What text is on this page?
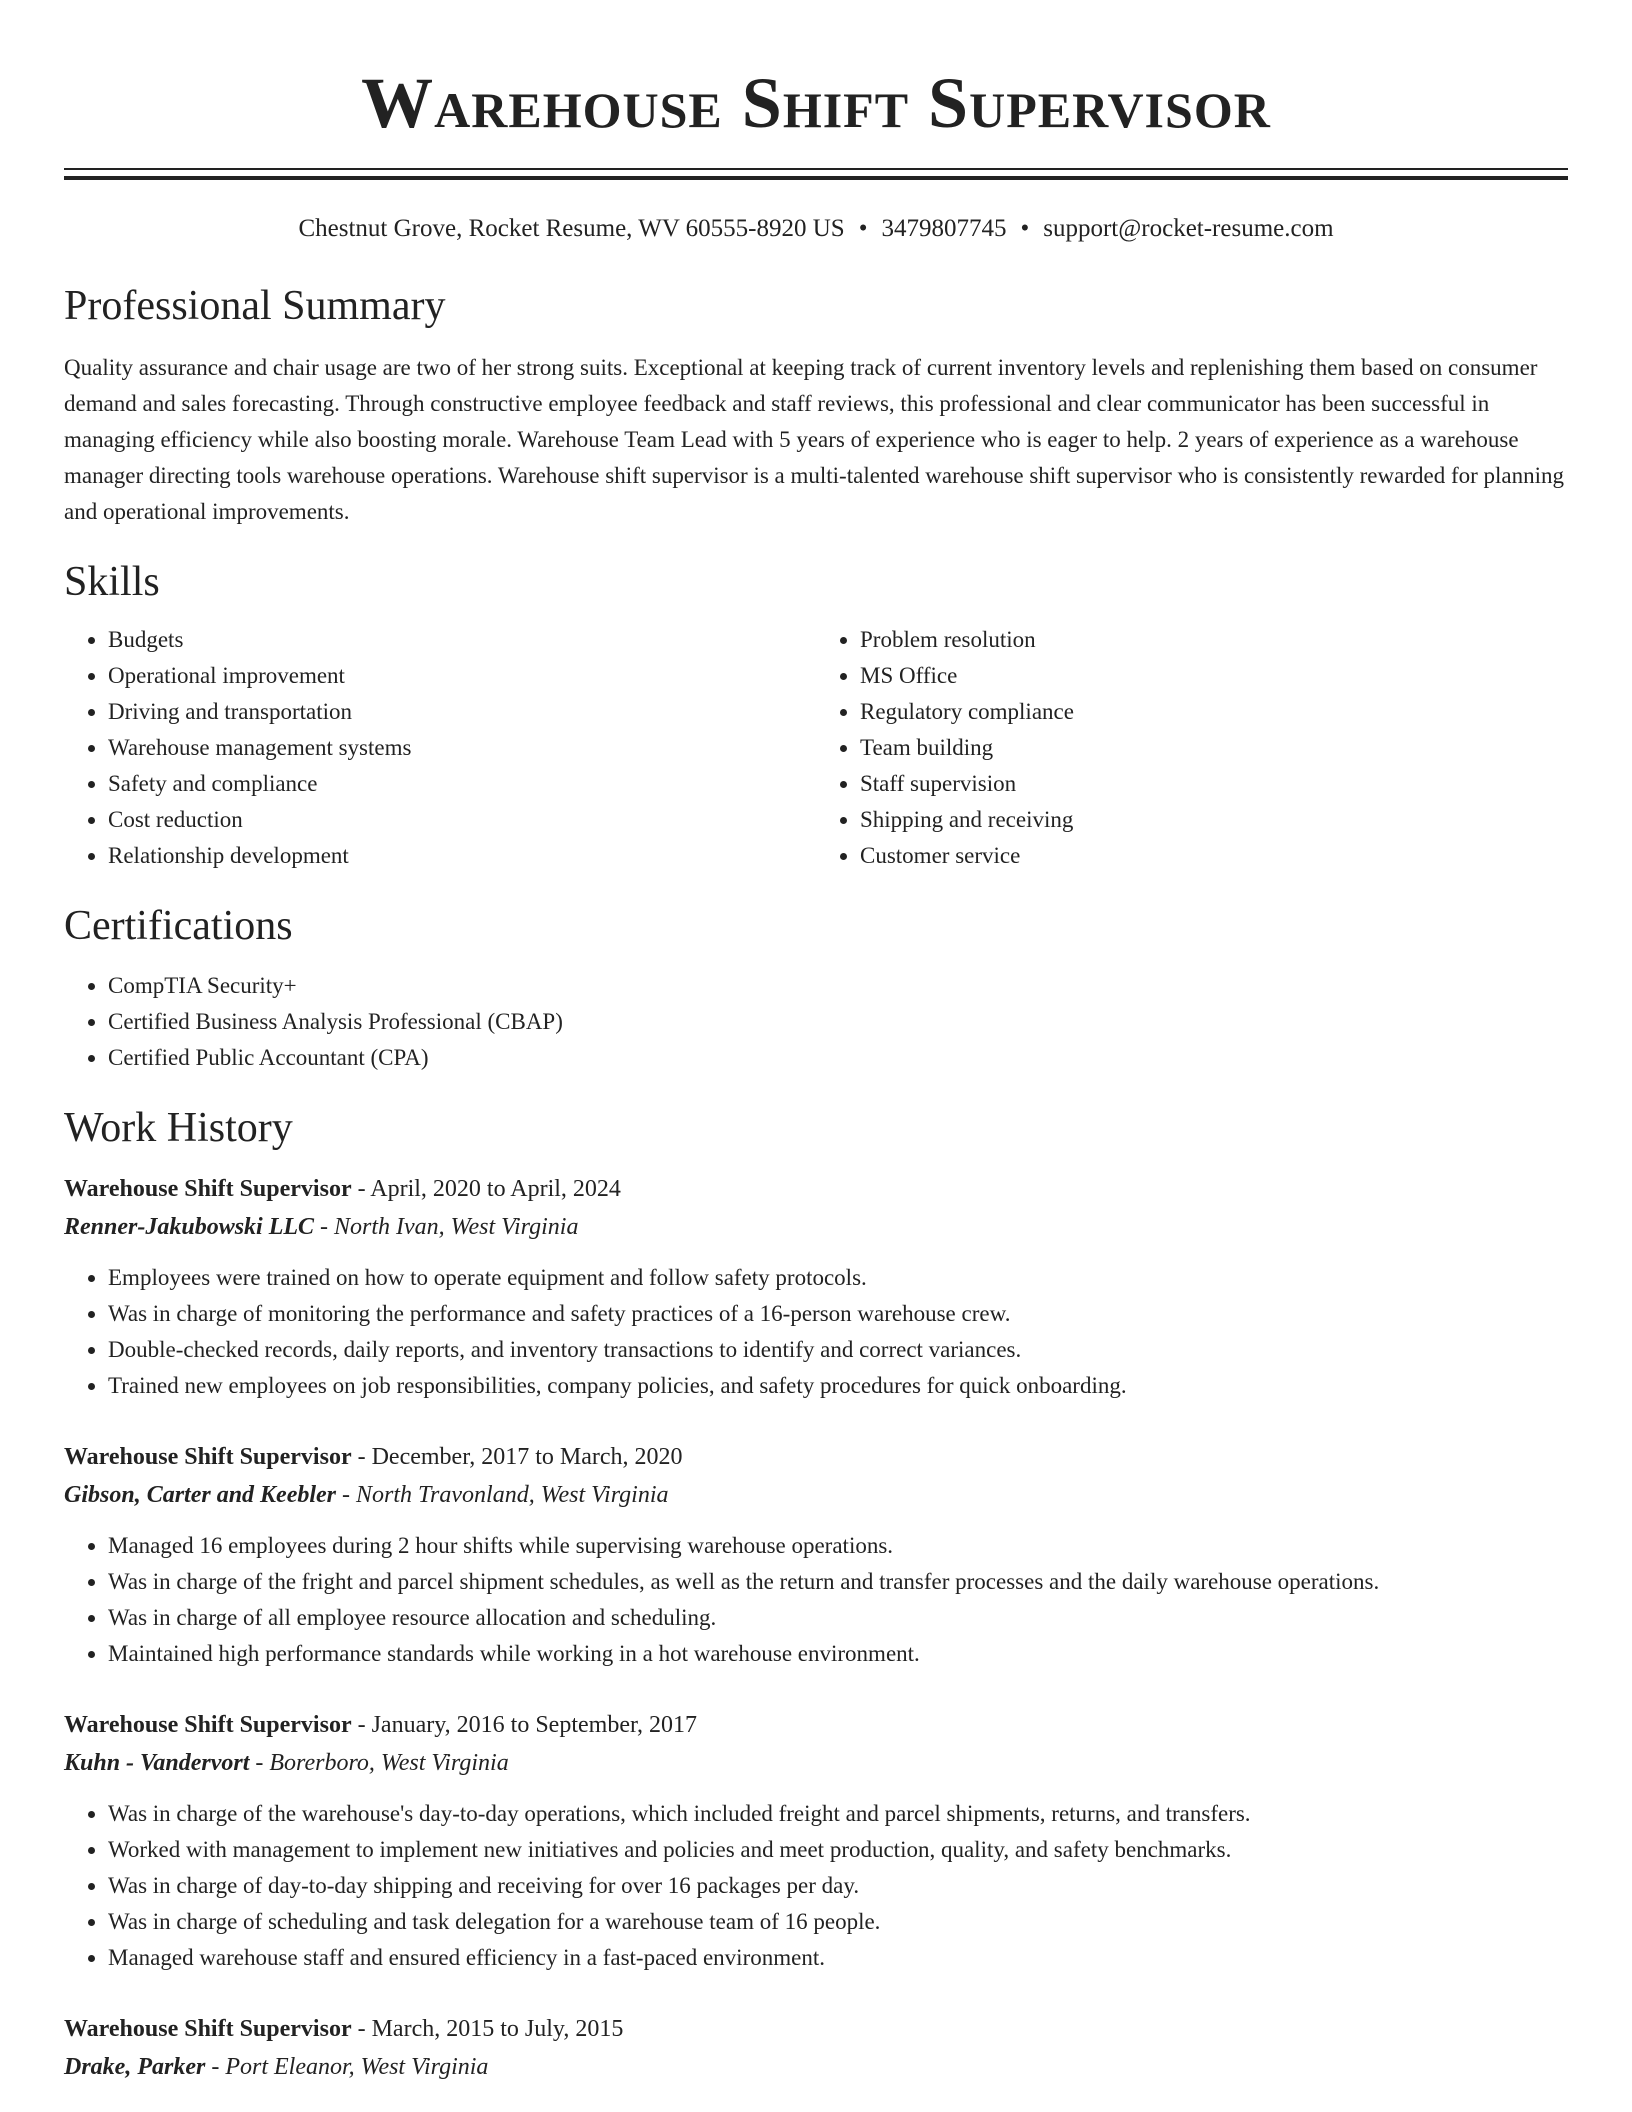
Warehouse Shift Supervisor
Chestnut Grove, Rocket Resume, WV 60555-8920 US • 3479807745 • support@rocket-resume.com
Professional Summary

Quality assurance and chair usage are two of her strong suits. Exceptional at keeping track of current inventory levels and replenishing them based on consumer demand and sales forecasting. Through constructive employee feedback and staff reviews, this professional and clear communicator has been successful in managing efficiency while also boosting morale. Warehouse Team Lead with 5 years of experience who is eager to help. 2 years of experience as a warehouse manager directing tools warehouse operations. Warehouse shift supervisor is a multi-talented warehouse shift supervisor who is consistently rewarded for planning and operational improvements.

Skills
• Budgets
• Operational improvement
• Driving and transportation
• Warehouse management systems
• Safety and compliance
• Cost reduction
• Relationship development
• Problem resolution
• MS Office
• Regulatory compliance
• Team building
• Staff supervision
• Shipping and receiving
• Customer service
Certifications
• CompTIA Security+
• Certified Business Analysis Professional (CBAP)
• Certified Public Accountant (CPA)
Work History
Warehouse Shift Supervisor - April, 2020 to April, 2024
Renner-Jakubowski LLC - North Ivan, West Virginia
• Employees were trained on how to operate equipment and follow safety protocols.
• Was in charge of monitoring the performance and safety practices of a 16-person warehouse crew.
• Double-checked records, daily reports, and inventory transactions to identify and correct variances.
• Trained new employees on job responsibilities, company policies, and safety procedures for quick onboarding.
Warehouse Shift Supervisor - December, 2017 to March, 2020
Gibson, Carter and Keebler - North Travonland, West Virginia
• Managed 16 employees during 2 hour shifts while supervising warehouse operations.
• Was in charge of the fright and parcel shipment schedules, as well as the return and transfer processes and the daily warehouse operations.
• Was in charge of all employee resource allocation and scheduling.
• Maintained high performance standards while working in a hot warehouse environment.
Warehouse Shift Supervisor - January, 2016 to September, 2017
Kuhn - Vandervort - Borerboro, West Virginia
• Was in charge of the warehouse's day-to-day operations, which included freight and parcel shipments, returns, and transfers.
• Worked with management to implement new initiatives and policies and meet production, quality, and safety benchmarks.
• Was in charge of day-to-day shipping and receiving for over 16 packages per day.
• Was in charge of scheduling and task delegation for a warehouse team of 16 people.
• Managed warehouse staff and ensured efficiency in a fast-paced environment.
Warehouse Shift Supervisor - March, 2015 to July, 2015
Drake, Parker - Port Eleanor, West Virginia
